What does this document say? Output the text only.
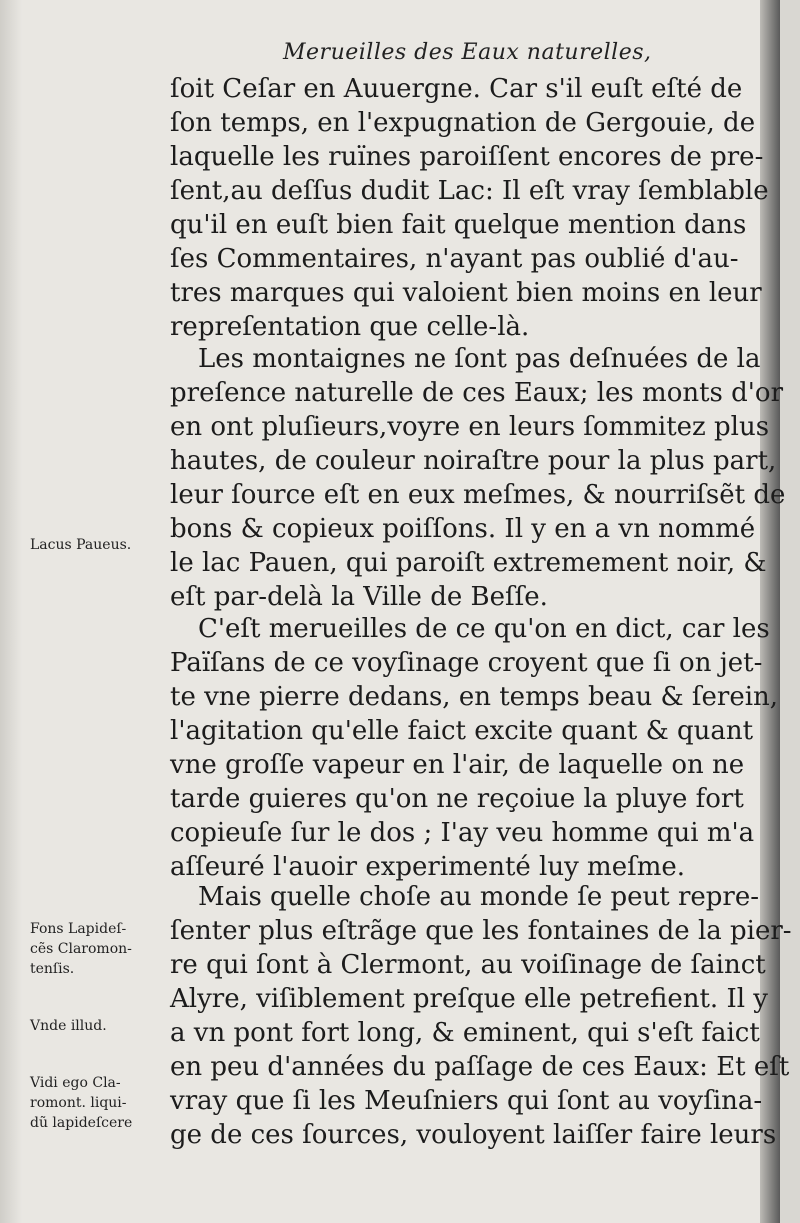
Merueilles des Eaux naturelles,
ſoit Ceſar en Auuergne. Car s'il euſt eſté de
ſon temps, en l'expugnation de Gergouie, de
laquelle les ruïnes paroiſſent encores de pre-
ſent,au deſſus dudit Lac: Il eſt vray ſemblable
qu'il en euſt bien fait quelque mention dans
ſes Commentaires, n'ayant pas oublié d'au-
tres marques qui valoient bien moins en leur
repreſentation que celle-là.
Les montaignes ne ſont pas deſnuées de la
preſence naturelle de ces Eaux; les monts d'or
en ont pluſieurs,voyre en leurs ſommitez plus
hautes, de couleur noiraſtre pour la plus part,
leur ſource eſt en eux meſmes, & nourriſsẽt de
bons & copieux poiſſons. Il y en a vn nommé
le lac Pauen, qui paroiſt extremement noir, &
eſt par-delà la Ville de Beſſe.
C'eſt merueilles de ce qu'on en dict, car les
Païſans de ce voyſinage croyent que ſi on jet-
te vne pierre dedans, en temps beau & ſerein,
l'agitation qu'elle faict excite quant & quant
vne groſſe vapeur en l'air, de laquelle on ne
tarde guieres qu'on ne reçoiue la pluye fort
copieuſe ſur le dos ; I'ay veu homme qui m'a
aſſeuré l'auoir experimenté luy meſme.
Mais quelle choſe au monde ſe peut repre-
ſenter plus eſtrãge que les fontaines de la pier-
re qui ſont à Clermont, au voiſinage de ſainct
Alyre, viſiblement preſque elle petrefient. Il y
a vn pont fort long, & eminent, qui s'eſt faict
en peu d'années du paſſage de ces Eaux: Et eſt
vray que ſi les Meuſniers qui ſont au voyſina-
ge de ces ſources, vouloyent laiſſer faire leurs
Lacus Paueus.
Fons Lapideſ-
cẽs Claromon-
tenſis.
Vnde illud.
Vidi ego Cla-
romont. liqui-
dũ lapideſcere
